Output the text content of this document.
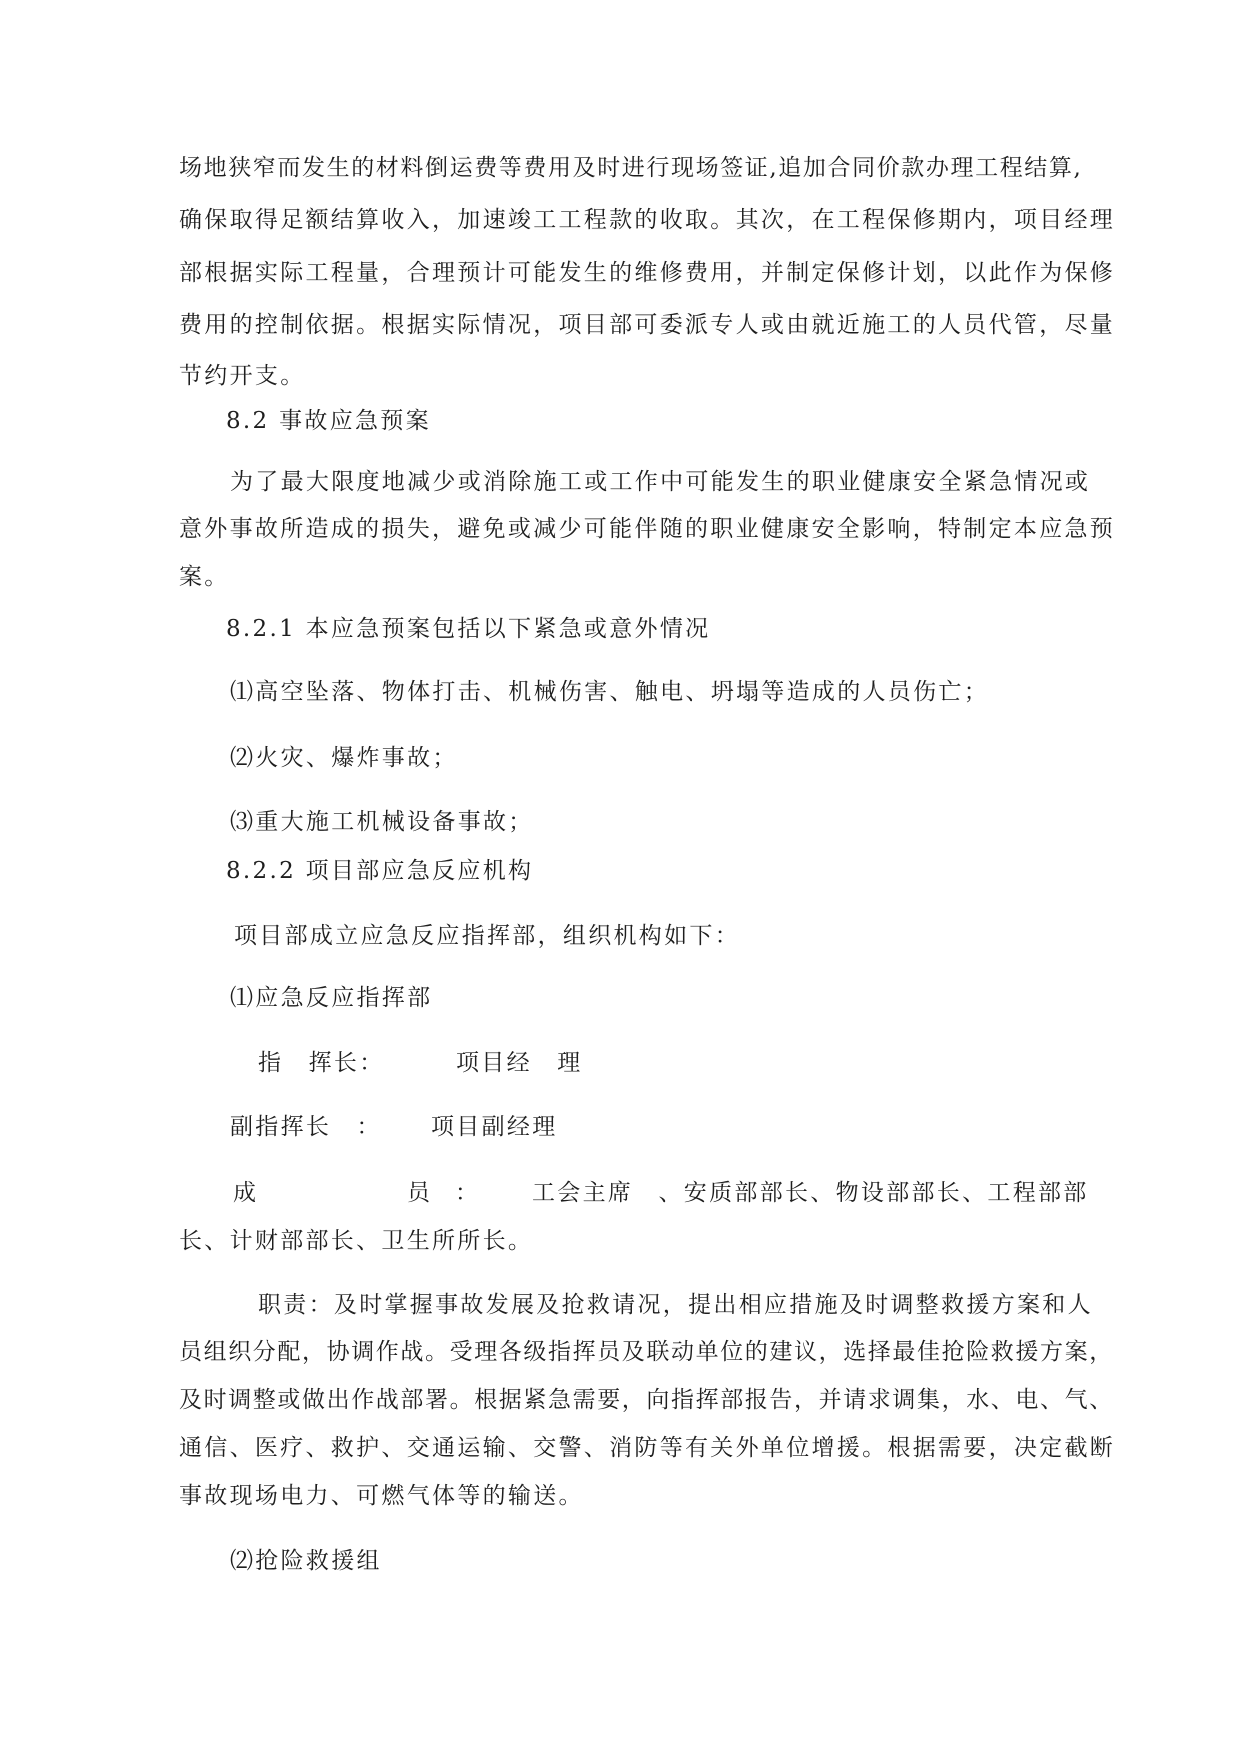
场地狭窄而发生的材料倒运费等费用及时进行现场签证,追加合同价款办理工程结算,
确保取得足额结算收入，加速竣工工程款的收取。其次，在工程保修期内，项目经理
部根据实际工程量，合理预计可能发生的维修费用，并制定保修计划，以此作为保修
费用的控制依据。根据实际情况，项目部可委派专人或由就近施工的人员代管，尽量
节约开支。
8.2 事故应急预案
为了最大限度地减少或消除施工或工作中可能发生的职业健康安全紧急情况或
意外事故所造成的损失，避免或减少可能伴随的职业健康安全影响，特制定本应急预
案。
8.2.1 本应急预案包括以下紧急或意外情况
⑴高空坠落、物体打击、机械伤害、触电、坍塌等造成的人员伤亡；
⑵火灾、爆炸事故；
⑶重大施工机械设备事故；
8.2.2 项目部应急反应机构
项目部成立应急反应指挥部，组织机构如下：
⑴应急反应指挥部
指　挥长：	项目经　理
副指挥长　： 项目副经理
成	员 ： 工会主席　、安质部部长、物设部部长、工程部部
长、计财部部长、卫生所所长。
职责：及时掌握事故发展及抢救请况，提出相应措施及时调整救援方案和人
员组织分配，协调作战。受理各级指挥员及联动单位的建议，选择最佳抢险救援方案，
及时调整或做出作战部署。根据紧急需要，向指挥部报告，并请求调集，水、电、气、
通信、医疗、救护、交通运输、交警、消防等有关外单位增援。根据需要，决定截断
事故现场电力、可燃气体等的输送。
⑵抢险救援组
